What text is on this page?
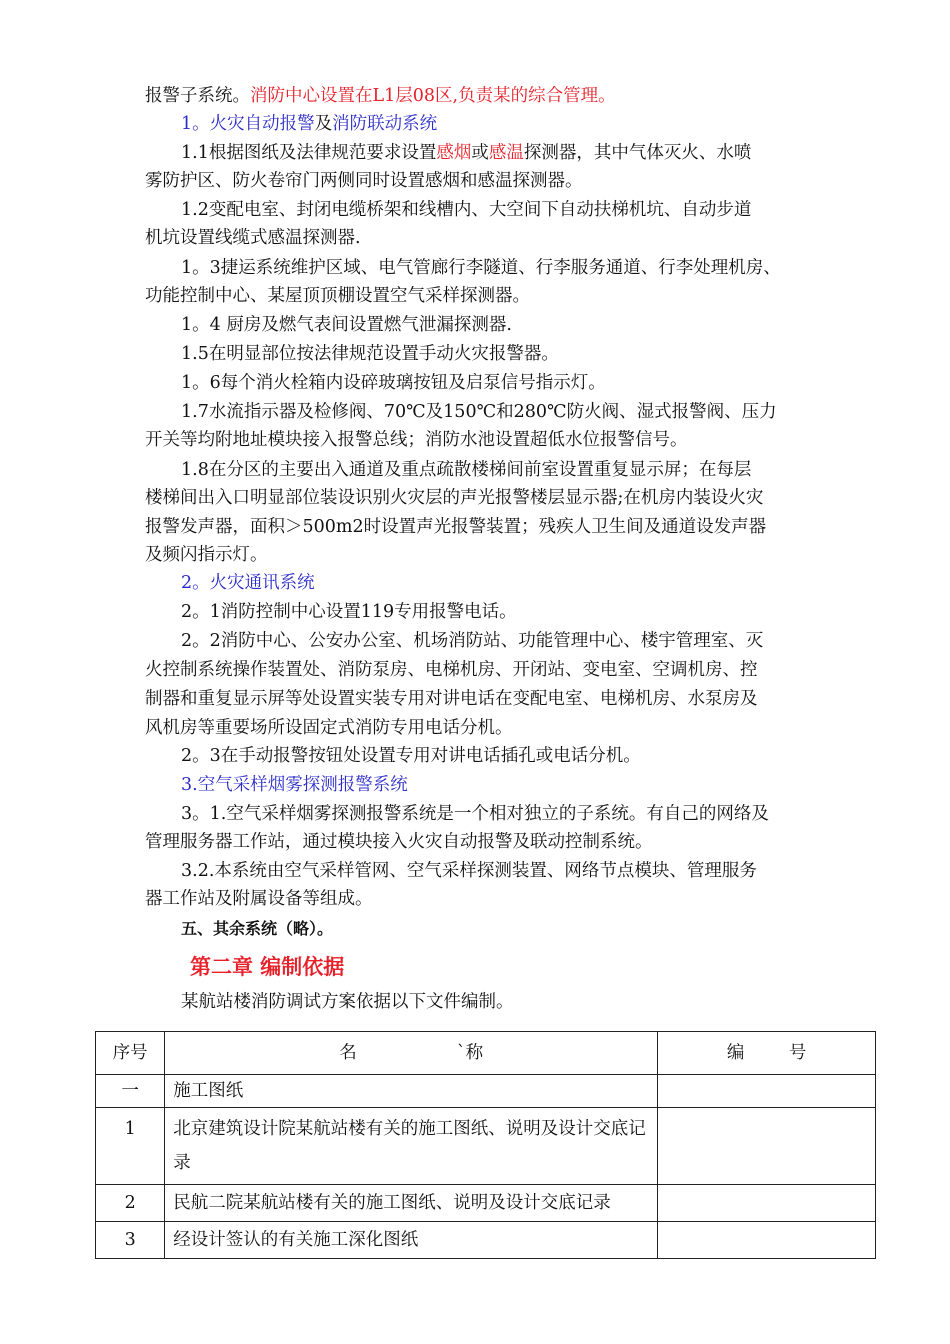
报警子系统。消防中心设置在L1层08区,负责某的综合管理。
1。火灾自动报警及消防联动系统
1.1根据图纸及法律规范要求设置感烟或感温探测器，其中气体灭火、水喷
雾防护区、防火卷帘门两侧同时设置感烟和感温探测器。
1.2变配电室、封闭电缆桥架和线槽内、大空间下自动扶梯机坑、自动步道
机坑设置线缆式感温探测器.
1。3捷运系统维护区域、电气管廊行李隧道、行李服务通道、行李处理机房、
功能控制中心、某屋顶顶棚设置空气采样探测器。
1。4 厨房及燃气表间设置燃气泄漏探测器.
1.5在明显部位按法律规范设置手动火灾报警器。
1。6每个消火栓箱内设碎玻璃按钮及启泵信号指示灯。
1.7水流指示器及检修阀、70℃及150℃和280℃防火阀、湿式报警阀、压力
开关等均附地址模块接入报警总线；消防水池设置超低水位报警信号。
1.8在分区的主要出入通道及重点疏散楼梯间前室设置重复显示屏；在每层
楼梯间出入口明显部位装设识别火灾层的声光报警楼层显示器;在机房内装设火灾
报警发声器，面积＞500m2时设置声光报警装置；残疾人卫生间及通道设发声器
及频闪指示灯。
2。火灾通讯系统
2。1消防控制中心设置119专用报警电话。
2。2消防中心、公安办公室、机场消防站、功能管理中心、楼宇管理室、灭
火控制系统操作装置处、消防泵房、电梯机房、开闭站、变电室、空调机房、控
制器和重复显示屏等处设置实装专用对讲电话在变配电室、电梯机房、水泵房及
风机房等重要场所设固定式消防专用电话分机。
2。3在手动报警按钮处设置专用对讲电话插孔或电话分机。
3.空气采样烟雾探测报警系统
3。1.空气采样烟雾探测报警系统是一个相对独立的子系统。有自己的网络及
管理服务器工作站，通过模块接入火灾自动报警及联动控制系统。
3.2.本系统由空气采样管网、空气采样探测装置、网络节点模块、管理服务
器工作站及附属设备等组成。
五、其余系统（略）。
第二章 编制依据
某航站楼消防调试方案依据以下文件编制。
序号	名                  `称	编        号
一	施工图纸	
1	北京建筑设计院某航站楼有关的施工图纸、说明及设计交底记录	
2	民航二院某航站楼有关的施工图纸、说明及设计交底记录	
3	经设计签认的有关施工深化图纸	
